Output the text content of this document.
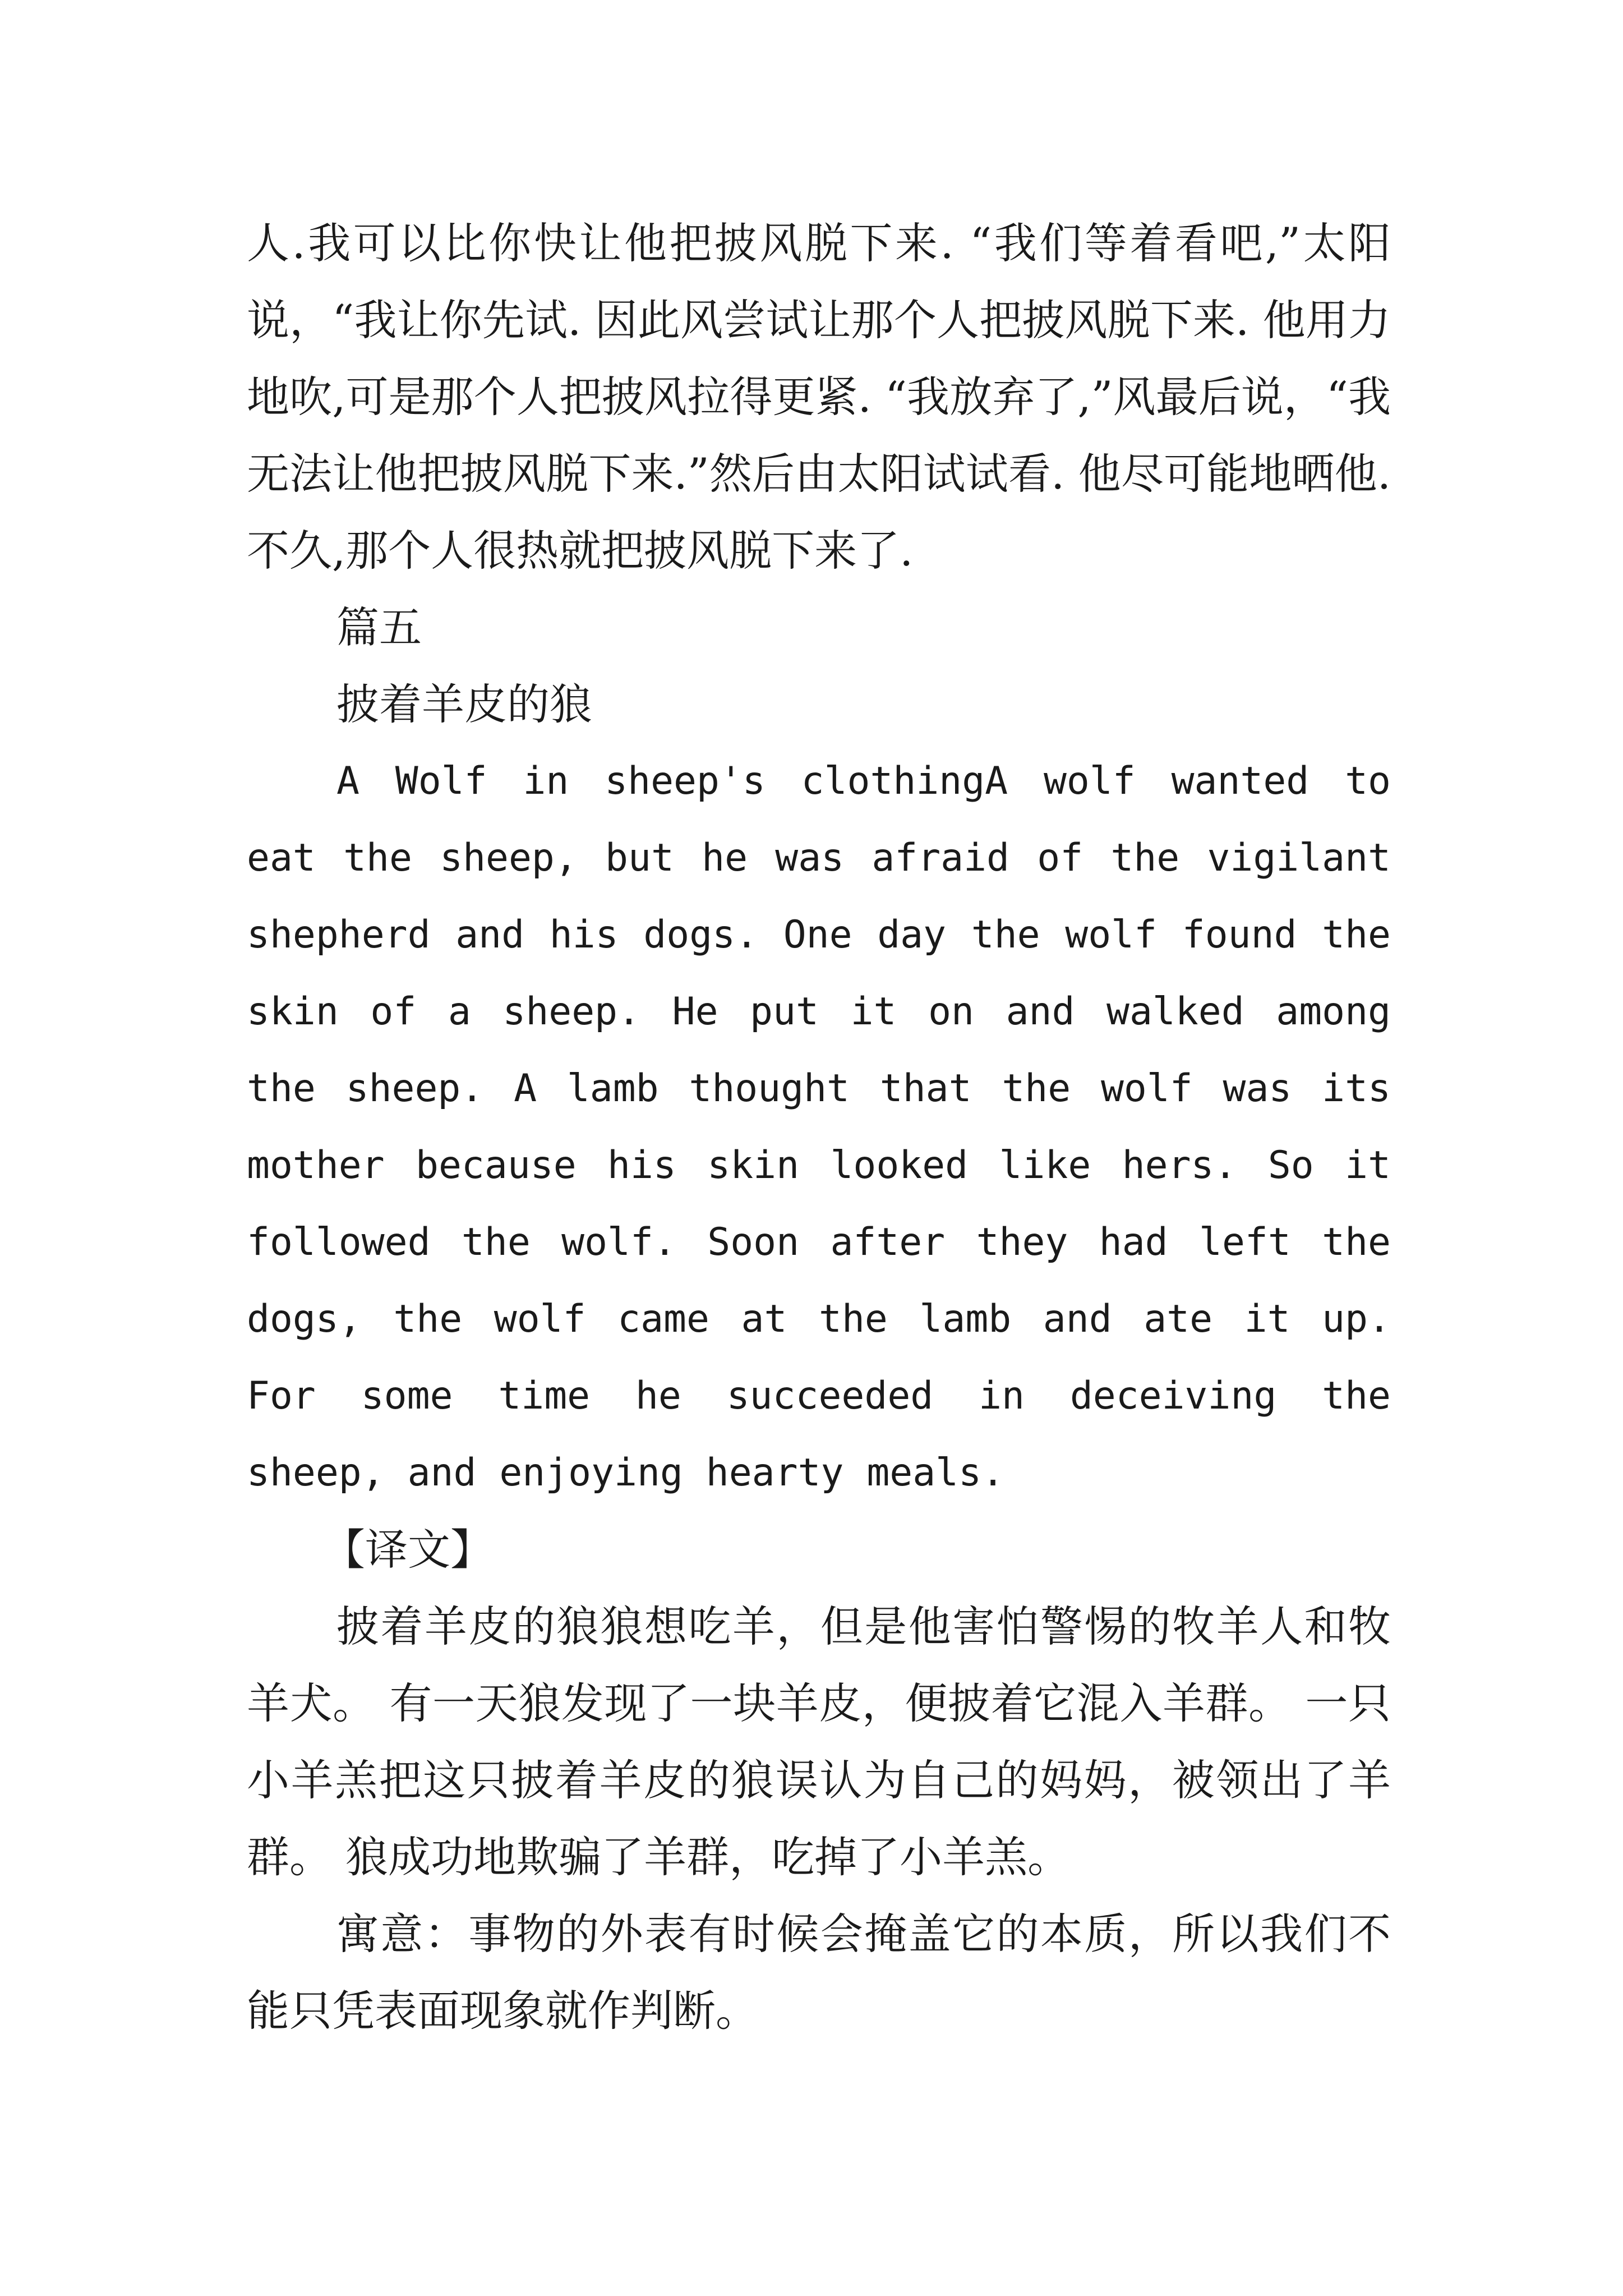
人.我可以比你快让他把披风脱下来. “我们等着看吧,”太阳说，“我让你先试. 因此风尝试让那个人把披风脱下来. 他用力地吹,可是那个人把披风拉得更紧. “我放弃了,”风最后说，“我无法让他把披风脱下来.”然后由太阳试试看. 他尽可能地晒他.不久,那个人很热就把披风脱下来了.

篇五

披着羊皮的狼

A Wolf in sheep's clothingA wolf wanted to eat the sheep, but he was afraid of the vigilant shepherd and his dogs. One day the wolf found the skin of a sheep. He put it on and walked among the sheep. A lamb thought that the wolf was its mother because his skin looked like hers. So it followed the wolf. Soon after they had left the dogs, the wolf came at the lamb and ate it up. For some time he succeeded in deceiving the sheep, and enjoying hearty meals.

【译文】

披着羊皮的狼狼想吃羊，但是他害怕警惕的牧羊人和牧羊犬。 有一天狼发现了一块羊皮，便披着它混入羊群。 一只小羊羔把这只披着羊皮的狼误认为自己的妈妈，被领出了羊群。 狼成功地欺骗了羊群，吃掉了小羊羔。

寓意：事物的外表有时候会掩盖它的本质，所以我们不能只凭表面现象就作判断。
